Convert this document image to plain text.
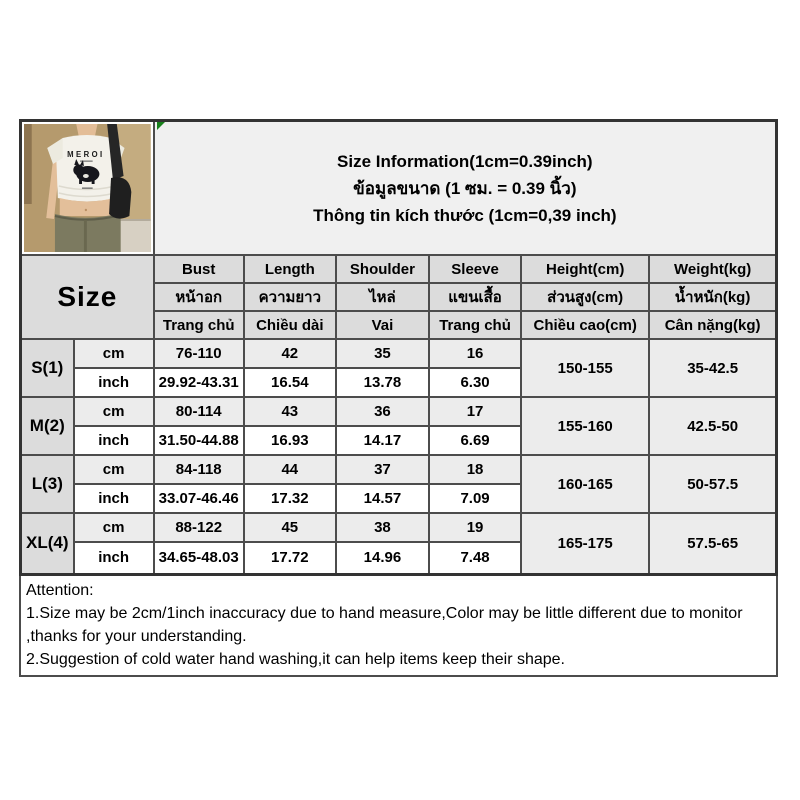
MEROI		Size Information(1cm=0.39inch)
ข้อมูลขนาด (1 ซม. = 0.39 นิ้ว)
Thông tin kích thước (1cm=0,39 inch)					

Size		Bust	Length	Shoulder	Sleeve	Height(cm)	Weight(kg)
		หน้าอก	ความยาว	ไหล่	แขนเสื้อ	ส่วนสูง(cm)	น้ำหนัก(kg)
		Trang chủ	Chiều dài	Vai	Trang chủ	Chiều cao(cm)	Cân nặng(kg)
S(1)	cm	76-110	42	35	16	150-155	35-42.5
	inch	29.92-43.31	16.54	13.78	6.30		
M(2)	cm	80-114	43	36	17	155-160	42.5-50
	inch	31.50-44.88	16.93	14.17	6.69		
L(3)	cm	84-118	44	37	18	160-165	50-57.5
	inch	33.07-46.46	17.32	14.57	7.09		
XL(4)	cm	88-122	45	38	19	165-175	57.5-65
	inch	34.65-48.03	17.72	14.96	7.48		
Attention:
1.Size may be 2cm/1inch inaccuracy due to hand measure,Color may be little different due to monitor ,thanks for your understanding.
2.Suggestion of cold water hand washing,it can help items keep their shape.
